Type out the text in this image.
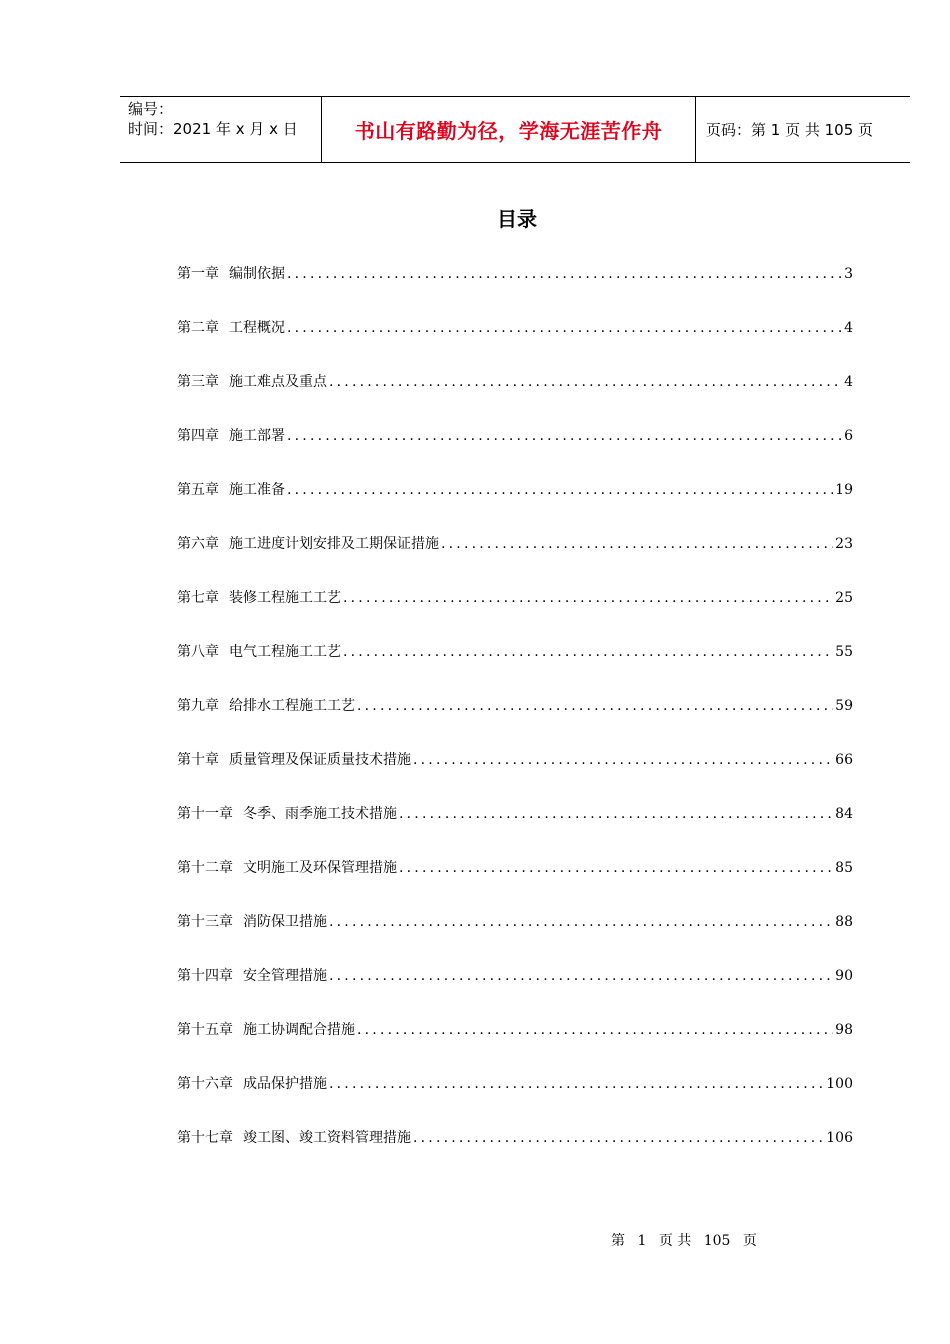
编号：
时间：2021 年 x 月 x 日	书山有路勤为径，学海无涯苦作舟	页码：第 1 页 共 105 页
目录
第一章 编制依据 .....	3
第二章 工程概况 .....	4
第三章 施工难点及重点 .....	4
第四章 施工部署 .....	6
第五章 施工准备 .....	19
第六章 施工进度计划安排及工期保证措施 .....	23
第七章 装修工程施工工艺 .....	25
第八章 电气工程施工工艺 .....	55
第九章 给排水工程施工工艺 .....	59
第十章 质量管理及保证质量技术措施 .....	66
第十一章 冬季、雨季施工技术措施 .....	84
第十二章 文明施工及环保管理措施 .....	85
第十三章 消防保卫措施 .....	88
第十四章 安全管理措施 .....	90
第十五章 施工协调配合措施 .....	98
第十六章 成品保护措施 .....	100
第十七章 竣工图、竣工资料管理措施 .....	106
第 1 页 共 105 页
